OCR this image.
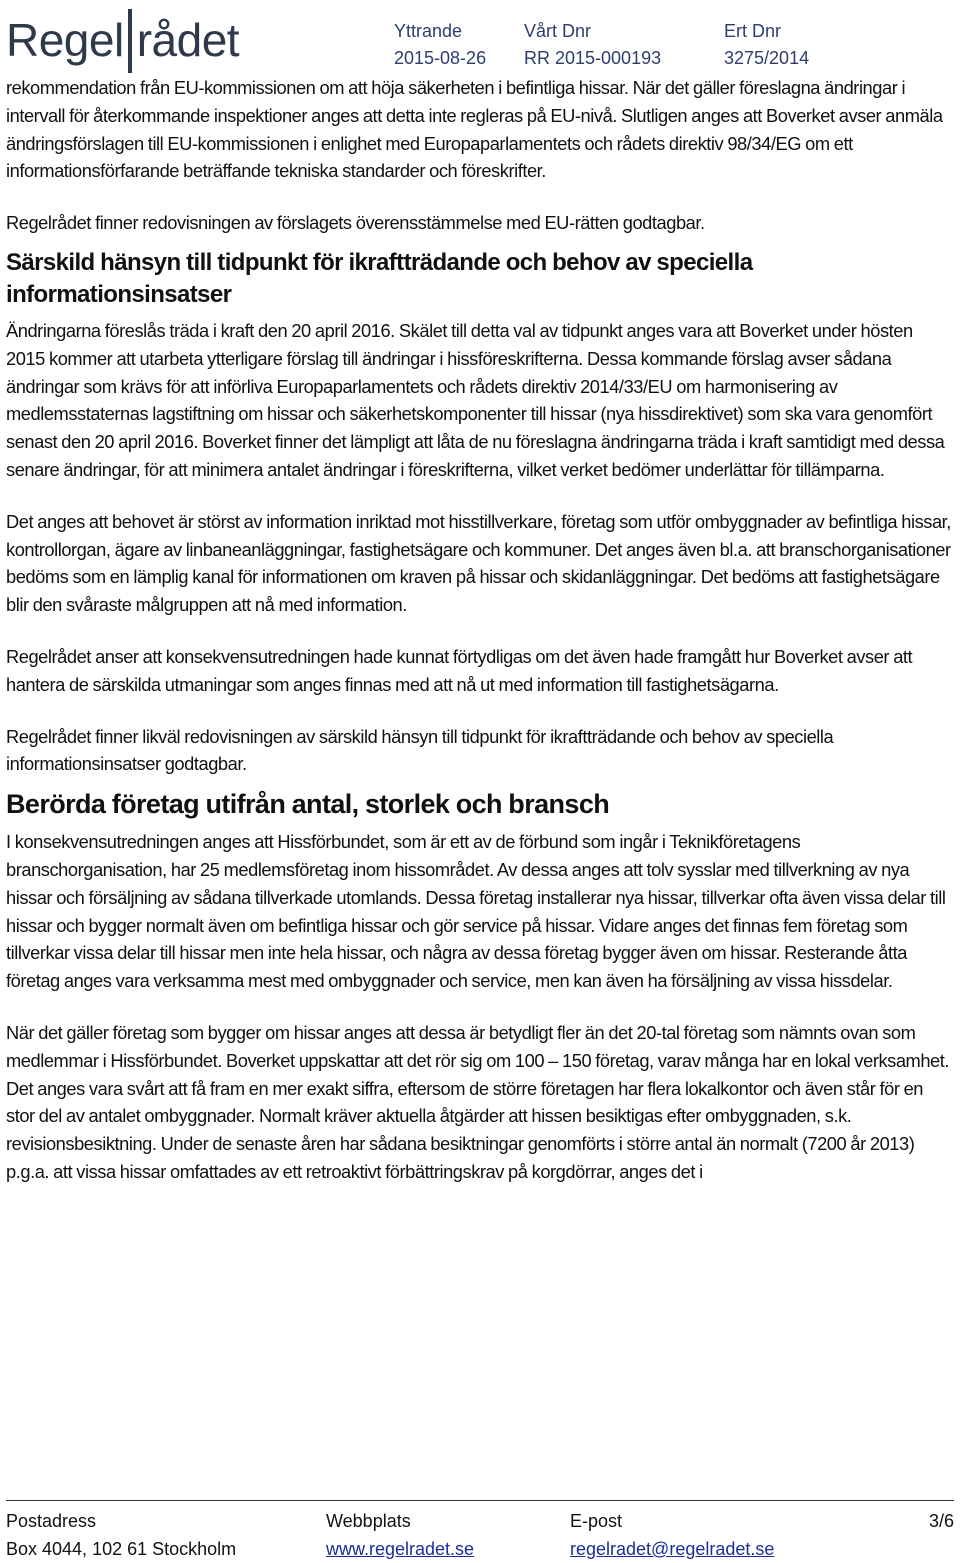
Regel rådet	Yttrande
2015-08-26
Vårt Dnr
RR 2015-000193
Ert Dnr
3275/2014

rekommendation från EU-kommissionen om att höja säkerheten i befintliga hissar. När det gäller föreslagna ändringar i intervall för återkommande inspektioner anges att detta inte regleras på EU-nivå. Slutligen anges att Boverket avser anmäla ändringsförslagen till EU-kommissionen i enlighet med Europaparlamentets och rådets direktiv 98/34/EG om ett informationsförfarande beträffande tekniska standarder och föreskrifter.

Regelrådet finner redovisningen av förslagets överensstämmelse med EU-rätten godtagbar.

Särskild hänsyn till tidpunkt för ikraftträdande och behov av speciella informationsinsatser

Ändringarna föreslås träda i kraft den 20 april 2016. Skälet till detta val av tidpunkt anges vara att Boverket under hösten 2015 kommer att utarbeta ytterligare förslag till ändringar i hissföreskrifterna. Dessa kommande förslag avser sådana ändringar som krävs för att införliva Europaparlamentets och rådets direktiv 2014/33/EU om harmonisering av medlemsstaternas lagstiftning om hissar och säkerhetskomponenter till hissar (nya hissdirektivet) som ska vara genomfört senast den 20 april 2016. Boverket finner det lämpligt att låta de nu föreslagna ändringarna träda i kraft samtidigt med dessa senare ändringar, för att minimera antalet ändringar i föreskrifterna, vilket verket bedömer underlättar för tillämparna.

Det anges att behovet är störst av information inriktad mot hisstillverkare, företag som utför ombyggnader av befintliga hissar, kontrollorgan, ägare av linbaneanläggningar, fastighetsägare och kommuner. Det anges även bl.a. att branschorganisationer bedöms som en lämplig kanal för informationen om kraven på hissar och skidanläggningar. Det bedöms att fastighetsägare blir den svåraste målgruppen att nå med information.

Regelrådet anser att konsekvensutredningen hade kunnat förtydligas om det även hade framgått hur Boverket avser att hantera de särskilda utmaningar som anges finnas med att nå ut med information till fastighetsägarna.

Regelrådet finner likväl redovisningen av särskild hänsyn till tidpunkt för ikraftträdande och behov av speciella informationsinsatser godtagbar.

Berörda företag utifrån antal, storlek och bransch

I konsekvensutredningen anges att Hissförbundet, som är ett av de förbund som ingår i Teknikföretagens branschorganisation, har 25 medlemsföretag inom hissområdet. Av dessa anges att tolv sysslar med tillverkning av nya hissar och försäljning av sådana tillverkade utomlands. Dessa företag installerar nya hissar, tillverkar ofta även vissa delar till hissar och bygger normalt även om befintliga hissar och gör service på hissar. Vidare anges det finnas fem företag som tillverkar vissa delar till hissar men inte hela hissar, och några av dessa företag bygger även om hissar. Resterande åtta företag anges vara verksamma mest med ombyggnader och service, men kan även ha försäljning av vissa hissdelar.

När det gäller företag som bygger om hissar anges att dessa är betydligt fler än det 20-tal företag som nämnts ovan som medlemmar i Hissförbundet. Boverket uppskattar att det rör sig om 100 – 150 företag, varav många har en lokal verksamhet. Det anges vara svårt att få fram en mer exakt siffra, eftersom de större företagen har flera lokalkontor och även står för en stor del av antalet ombyggnader. Normalt kräver aktuella åtgärder att hissen besiktigas efter ombyggnaden, s.k. revisionsbesiktning. Under de senaste åren har sådana besiktningar genomförts i större antal än normalt (7200 år 2013) p.g.a. att vissa hissar omfattades av ett retroaktivt förbättringskrav på korgdörrar, anges det i

Postadress
Box 4044, 102 61 Stockholm
Webbplats
www.regelradet.se
E-post
regelradet@regelradet.se
3/6
